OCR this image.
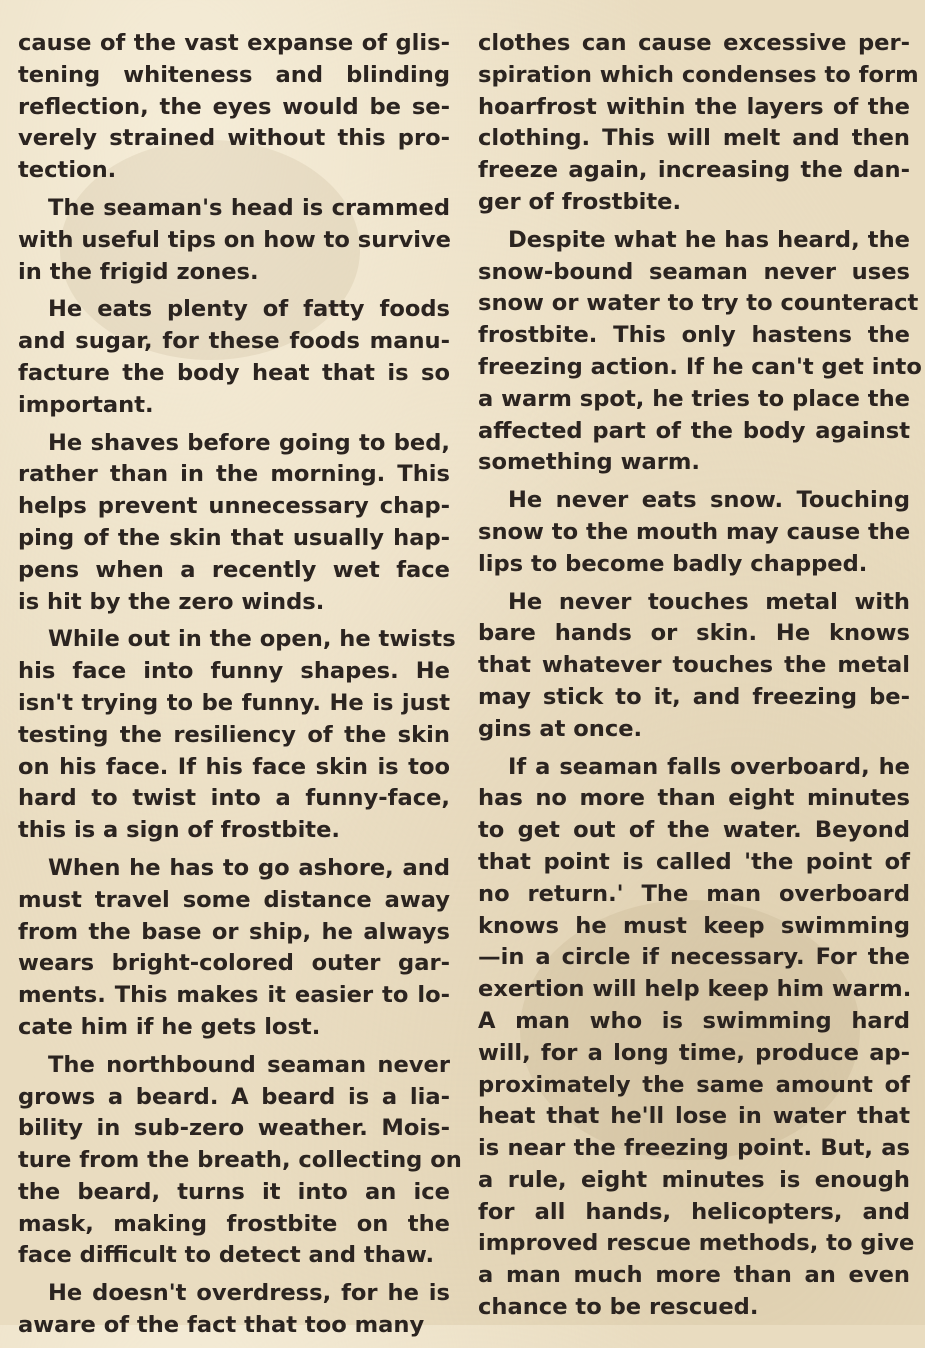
cause of the vast expanse of glis-
tening whiteness and blinding
reflection, the eyes would be se-
verely strained without this pro-
tection.
The seaman's head is crammed
with useful tips on how to survive
in the frigid zones.
He eats plenty of fatty foods
and sugar, for these foods manu-
facture the body heat that is so
important.
He shaves before going to bed,
rather than in the morning. This
helps prevent unnecessary chap-
ping of the skin that usually hap-
pens when a recently wet face
is hit by the zero winds.
While out in the open, he twists
his face into funny shapes. He
isn't trying to be funny. He is just
testing the resiliency of the skin
on his face. If his face skin is too
hard to twist into a funny-face,
this is a sign of frostbite.
When he has to go ashore, and
must travel some distance away
from the base or ship, he always
wears bright-colored outer gar-
ments. This makes it easier to lo-
cate him if he gets lost.
The northbound seaman never
grows a beard. A beard is a lia-
bility in sub-zero weather. Mois-
ture from the breath, collecting on
the beard, turns it into an ice
mask, making frostbite on the
face difficult to detect and thaw.
He doesn't overdress, for he is
aware of the fact that too many
clothes can cause excessive per-
spiration which condenses to form
hoarfrost within the layers of the
clothing. This will melt and then
freeze again, increasing the dan-
ger of frostbite.
Despite what he has heard, the
snow-bound seaman never uses
snow or water to try to counteract
frostbite. This only hastens the
freezing action. If he can't get into
a warm spot, he tries to place the
affected part of the body against
something warm.
He never eats snow. Touching
snow to the mouth may cause the
lips to become badly chapped.
He never touches metal with
bare hands or skin. He knows
that whatever touches the metal
may stick to it, and freezing be-
gins at once.
If a seaman falls overboard, he
has no more than eight minutes
to get out of the water. Beyond
that point is called 'the point of
no return.' The man overboard
knows he must keep swimming
—in a circle if necessary. For the
exertion will help keep him warm.
A man who is swimming hard
will, for a long time, produce ap-
proximately the same amount of
heat that he'll lose in water that
is near the freezing point. But, as
a rule, eight minutes is enough
for all hands, helicopters, and
improved rescue methods, to give
a man much more than an even
chance to be rescued.
